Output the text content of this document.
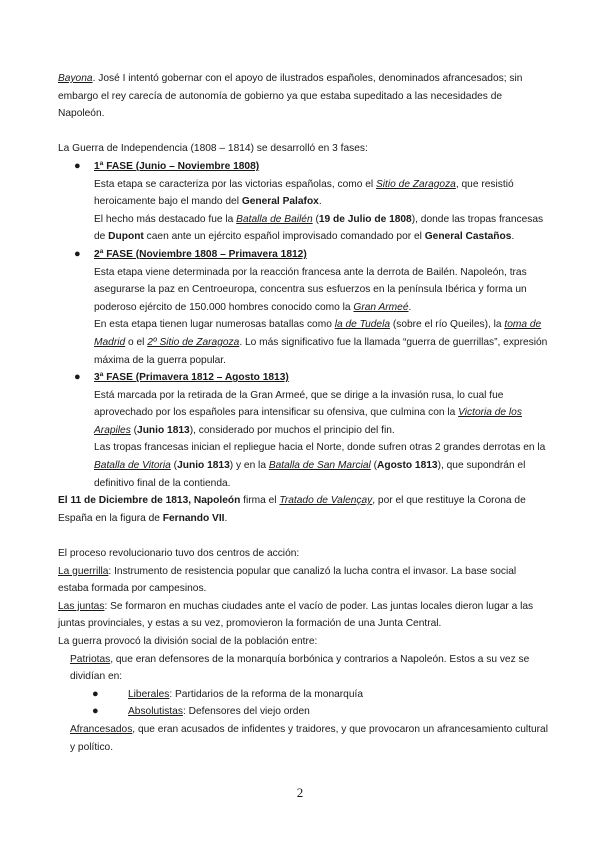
Bayona. José I intentó gobernar con el apoyo de ilustrados españoles, denominados afrancesados; sin embargo el rey carecía de autonomía de gobierno ya que estaba supeditado a las necesidades de Napoleón.

La Guerra de Independencia (1808 – 1814) se desarrolló en 3 fases:

● 1ª FASE (Junio – Noviembre 1808)

Esta etapa se caracteriza por las victorias españolas, como el Sitio de Zaragoza, que resistió heroicamente bajo el mando del General Palafox.

El hecho más destacado fue la Batalla de Bailén (19 de Julio de 1808), donde las tropas francesas de Dupont caen ante un ejército español improvisado comandado por el General Castaños.

● 2ª FASE (Noviembre 1808 – Primavera 1812)

Esta etapa viene determinada por la reacción francesa ante la derrota de Bailén. Napoleón, tras asegurarse la paz en Centroeuropa, concentra sus esfuerzos en la península Ibérica y forma un poderoso ejército de 150.000 hombres conocido como la Gran Armeé.

En esta etapa tienen lugar numerosas batallas como la de Tudela (sobre el río Queiles), la toma de Madrid o el 2º Sitio de Zaragoza. Lo más significativo fue la llamada “guerra de guerrillas”, expresión máxima de la guerra popular.

● 3ª FASE (Primavera 1812 – Agosto 1813)

Está marcada por la retirada de la Gran Armeé, que se dirige a la invasión rusa, lo cual fue aprovechado por los españoles para intensificar su ofensiva, que culmina con la Victoria de los Arapiles (Junio 1813), considerado por muchos el principio del fin.

Las tropas francesas inician el repliegue hacia el Norte, donde sufren otras 2 grandes derrotas en la Batalla de Vitoria (Junio 1813) y en la Batalla de San Marcial (Agosto 1813), que supondrán el definitivo final de la contienda.

El 11 de Diciembre de 1813, Napoleón firma el Tratado de Valençay, por el que restituye la Corona de España en la figura de Fernando VII.

El proceso revolucionario tuvo dos centros de acción:

La guerrilla: Instrumento de resistencia popular que canalizó la lucha contra el invasor. La base social estaba formada por campesinos.

Las juntas: Se formaron en muchas ciudades ante el vacío de poder. Las juntas locales dieron lugar a las juntas provinciales, y estas a su vez, promovieron la formación de una Junta Central.

La guerra provocó la división social de la población entre:

Patriotas, que eran defensores de la monarquía borbónica y contrarios a Napoleón. Estos a su vez se dividían en:

●	Liberales: Partidarios de la reforma de la monarquía

●	Absolutistas: Defensores del viejo orden

Afrancesados, que eran acusados de infidentes y traidores, y que provocaron un afrancesamiento cultural y político.

2
